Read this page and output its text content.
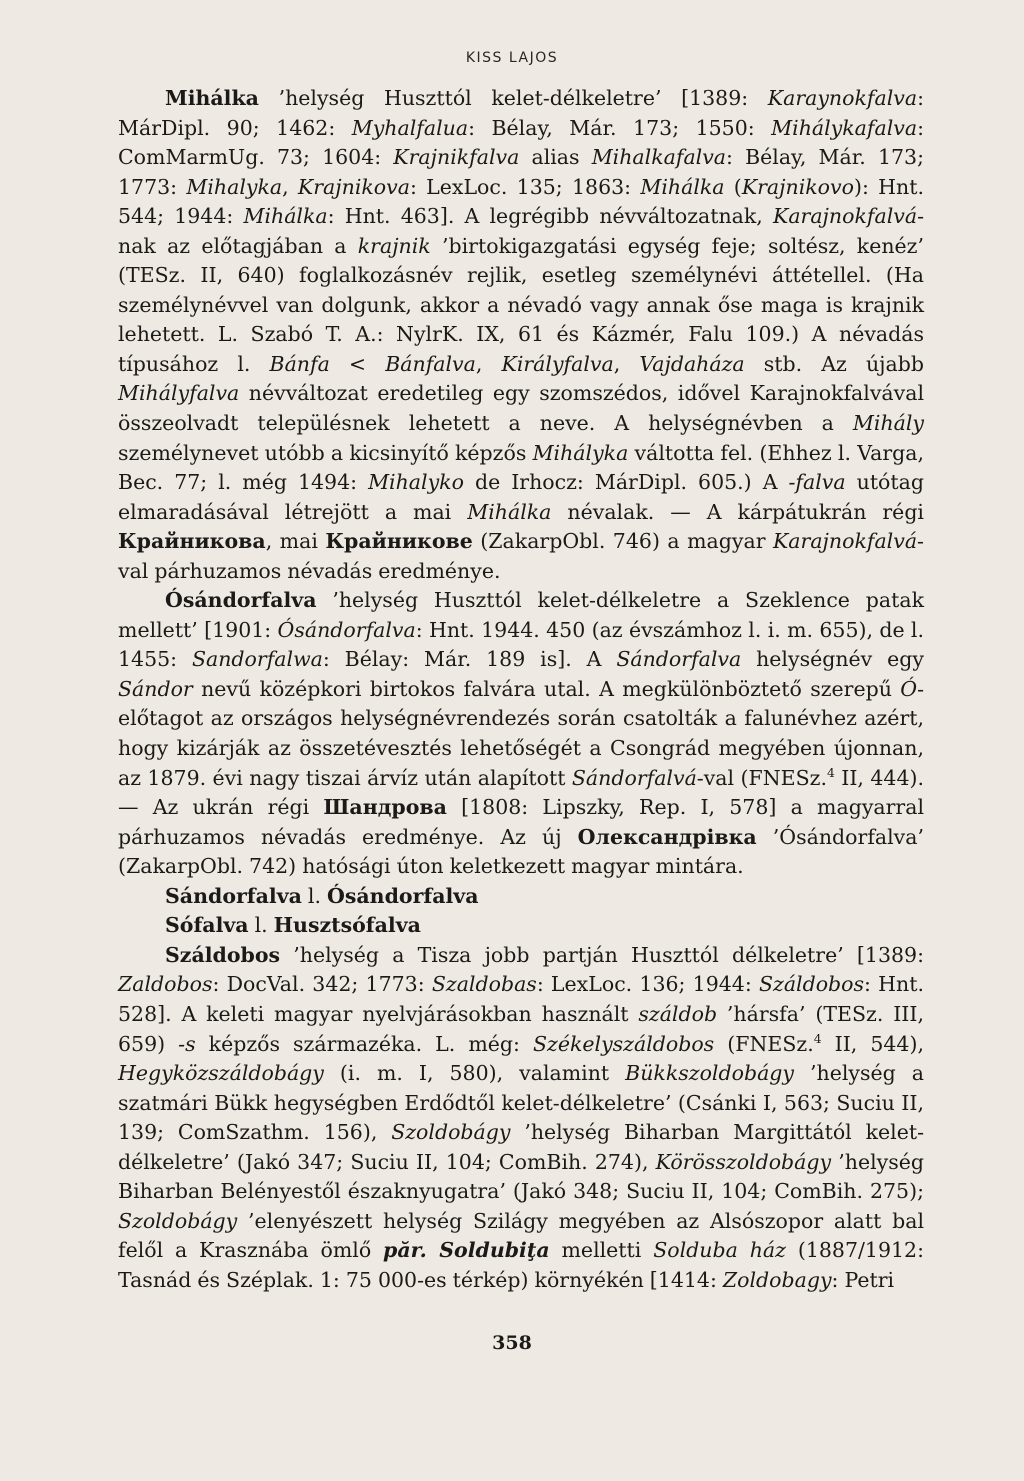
KISS LAJOS

Mihálka ’helység Huszttól kelet-délkeletre’ [1389: Karaynokfalva: MárDipl. 90; 1462: Myhalfalua: Bélay, Már. 173; 1550: Mihálykafalva: ComMarmUg. 73; 1604: Krajnikfalva alias Mihalkafalva: Bélay, Már. 173; 1773: Mihalyka, Krajnikova: LexLoc. 135; 1863: Mihálka (Krajnikovo): Hnt. 544; 1944: Mihálka: Hnt. 463]. A legrégibb névváltozatnak, Karajnokfalvá-nak az előtagjában a krajnik ’birtokigazgatási egység feje; soltész, kenéz’ (TESz. II, 640) foglalkozásnév rejlik, esetleg személynévi áttétellel. (Ha személynévvel van dolgunk, akkor a névadó vagy annak őse maga is krajnik lehetett. L. Szabó T. A.: NylrK. IX, 61 és Kázmér, Falu 109.) A névadás típusához l. Bánfa < Bánfalva, Királyfalva, Vajdaháza stb. Az újabb Mihályfalva névváltozat eredetileg egy szomszédos, idővel Karajnokfalvával összeolvadt településnek lehetett a neve. A helységnévben a Mihály személynevet utóbb a kicsinyítő képzős Mihályka váltotta fel. (Ehhez l. Varga, Bec. 77; l. még 1494: Mihalyko de Irhocz: MárDipl. 605.) A -falva utótag elmaradásával létrejött a mai Mihálka névalak. — A kárpátukrán régi Крайникова, mai Крайникове (ZakarpObl. 746) a magyar Karajnokfalvá-val párhuzamos névadás eredménye.

Ósándorfalva ’helység Huszttól kelet-délkeletre a Szeklence patak mellett’ [1901: Ósándorfalva: Hnt. 1944. 450 (az évszámhoz l. i. m. 655), de l. 1455: Sandorfalwa: Bélay: Már. 189 is]. A Sándorfalva helységnév egy Sándor nevű középkori birtokos falvára utal. A megkülönböztető szerepű Ó-előtagot az országos helységnévrendezés során csatolták a falunévhez azért, hogy kizárják az összetévesztés lehetőségét a Csongrád megyében újonnan, az 1879. évi nagy tiszai árvíz után alapított Sándorfalvá-val (FNESz.$^4$ II, 444). — Az ukrán régi Шандрова [1808: Lipszky, Rep. I, 578] a magyarral párhuzamos névadás eredménye. Az új Олександрівка ’Ósándorfalva’ (ZakarpObl. 742) hatósági úton keletkezett magyar mintára.

Sándorfalva l. Ósándorfalva

Sófalva l. Husztsófalva

Száldobos ’helység a Tisza jobb partján Huszttól délkeletre’ [1389: Zaldobos: DocVal. 342; 1773: Szaldobas: LexLoc. 136; 1944: Száldobos: Hnt. 528]. A keleti magyar nyelvjárásokban használt száldob ’hársfa’ (TESz. III, 659) -s képzős származéka. L. még: Székelyszáldobos (FNESz.$^4$ II, 544), Hegyközszáldobágy (i. m. I, 580), valamint Bükkszoldobágy ’helység a szatmári Bükk hegységben Erdődtől kelet-délkeletre’ (Csánki I, 563; Suciu II, 139; ComSzathm. 156), Szoldobágy ’helység Biharban Margittától kelet-délkeletre’ (Jakó 347; Suciu II, 104; ComBih. 274), Körösszoldobágy ’helység Biharban Belényestől északnyugatra’ (Jakó 348; Suciu II, 104; ComBih. 275); Szoldobágy ’elenyészett helység Szilágy megyében az Alsószopor alatt bal felől a Krasznába ömlő păr. Soldubiţa melletti Solduba ház (1887/1912: Tasnád és Széplak. 1: 75 000-es térkép) környékén [1414: Zoldobagy: Petri

358
